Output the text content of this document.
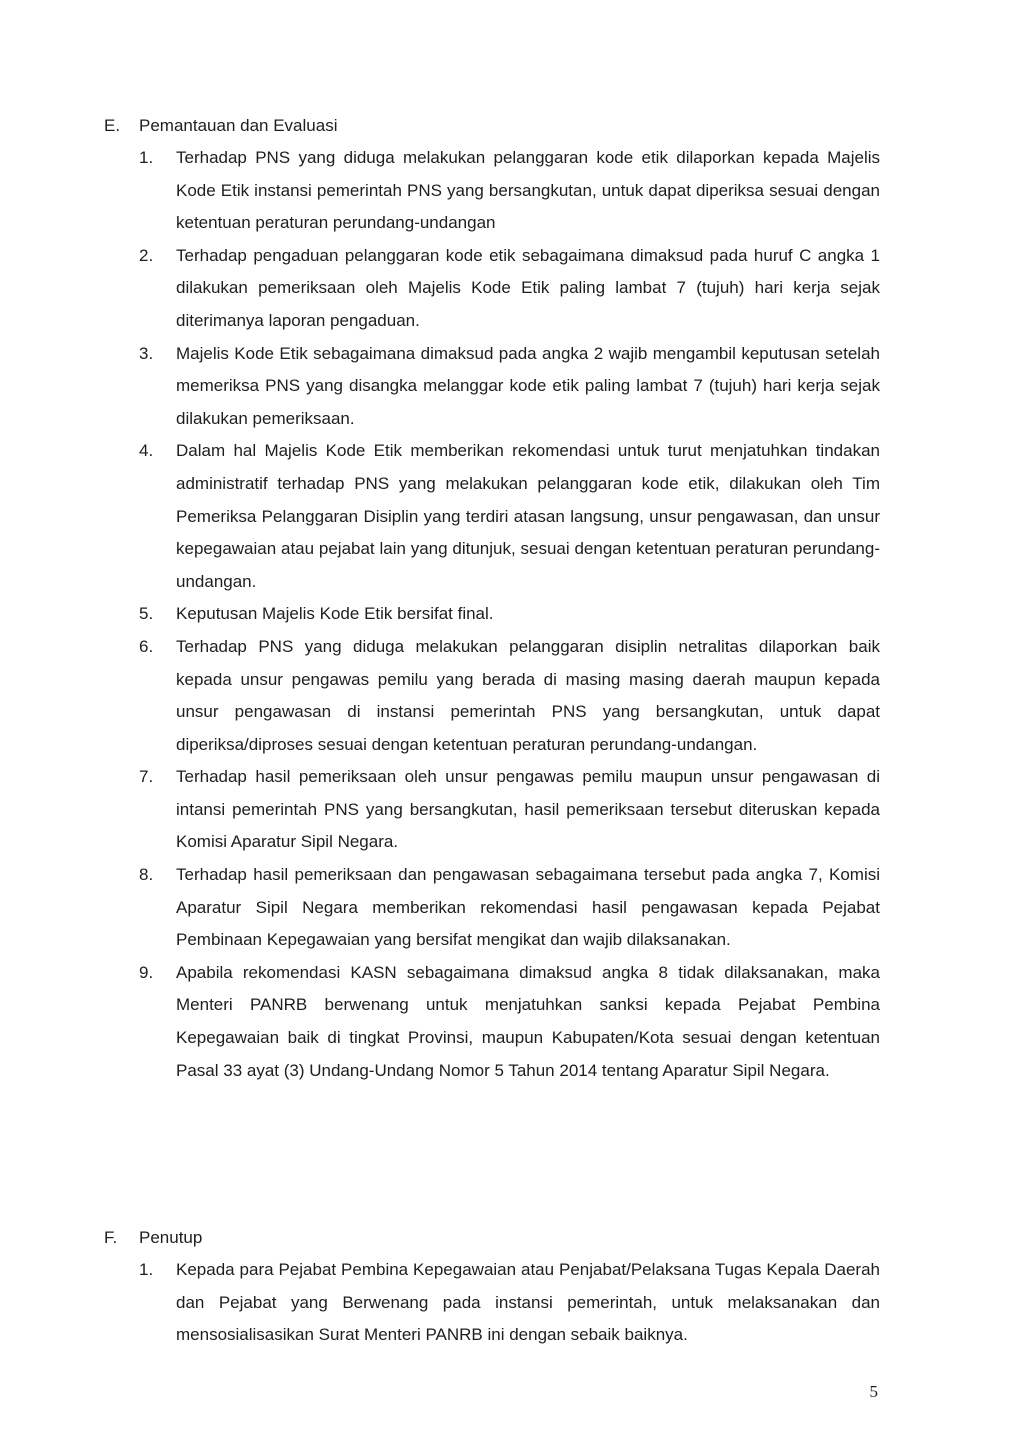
E. Pemantauan dan Evaluasi
1. Terhadap PNS yang diduga melakukan pelanggaran kode etik dilaporkan kepada Majelis Kode Etik instansi pemerintah PNS yang bersangkutan, untuk dapat diperiksa sesuai dengan ketentuan peraturan perundang-undangan
2. Terhadap pengaduan pelanggaran kode etik sebagaimana dimaksud pada huruf C angka 1 dilakukan pemeriksaan oleh Majelis Kode Etik paling lambat 7 (tujuh) hari kerja sejak diterimanya laporan pengaduan.
3. Majelis Kode Etik sebagaimana dimaksud pada angka 2 wajib mengambil keputusan setelah memeriksa PNS yang disangka melanggar kode etik paling lambat 7 (tujuh) hari kerja sejak dilakukan pemeriksaan.
4. Dalam hal Majelis Kode Etik memberikan rekomendasi untuk turut menjatuhkan tindakan administratif terhadap PNS yang melakukan pelanggaran kode etik, dilakukan oleh Tim Pemeriksa Pelanggaran Disiplin yang terdiri atasan langsung, unsur pengawasan, dan unsur kepegawaian atau pejabat lain yang ditunjuk, sesuai dengan ketentuan peraturan perundang-undangan.
5. Keputusan Majelis Kode Etik bersifat final.
6. Terhadap PNS yang diduga melakukan pelanggaran disiplin netralitas dilaporkan baik kepada unsur pengawas pemilu yang berada di masing masing daerah maupun kepada unsur pengawasan di instansi pemerintah PNS yang bersangkutan, untuk dapat diperiksa/diproses sesuai dengan ketentuan peraturan perundang-undangan.
7. Terhadap hasil pemeriksaan oleh unsur pengawas pemilu maupun unsur pengawasan di intansi pemerintah PNS yang bersangkutan, hasil pemeriksaan tersebut diteruskan kepada Komisi Aparatur Sipil Negara.
8. Terhadap hasil pemeriksaan dan pengawasan sebagaimana tersebut pada angka 7, Komisi Aparatur Sipil Negara memberikan rekomendasi hasil pengawasan kepada Pejabat Pembinaan Kepegawaian yang bersifat mengikat dan wajib dilaksanakan.
9. Apabila rekomendasi KASN sebagaimana dimaksud angka 8 tidak dilaksanakan, maka Menteri PANRB berwenang untuk menjatuhkan sanksi kepada Pejabat Pembina Kepegawaian baik di tingkat Provinsi, maupun Kabupaten/Kota sesuai dengan ketentuan Pasal 33 ayat (3) Undang-Undang Nomor 5 Tahun 2014 tentang Aparatur Sipil Negara.
F. Penutup
1. Kepada para Pejabat Pembina Kepegawaian atau Penjabat/Pelaksana Tugas Kepala Daerah dan Pejabat yang Berwenang pada instansi pemerintah, untuk melaksanakan dan mensosialisasikan Surat Menteri PANRB ini dengan sebaik baiknya.
5
